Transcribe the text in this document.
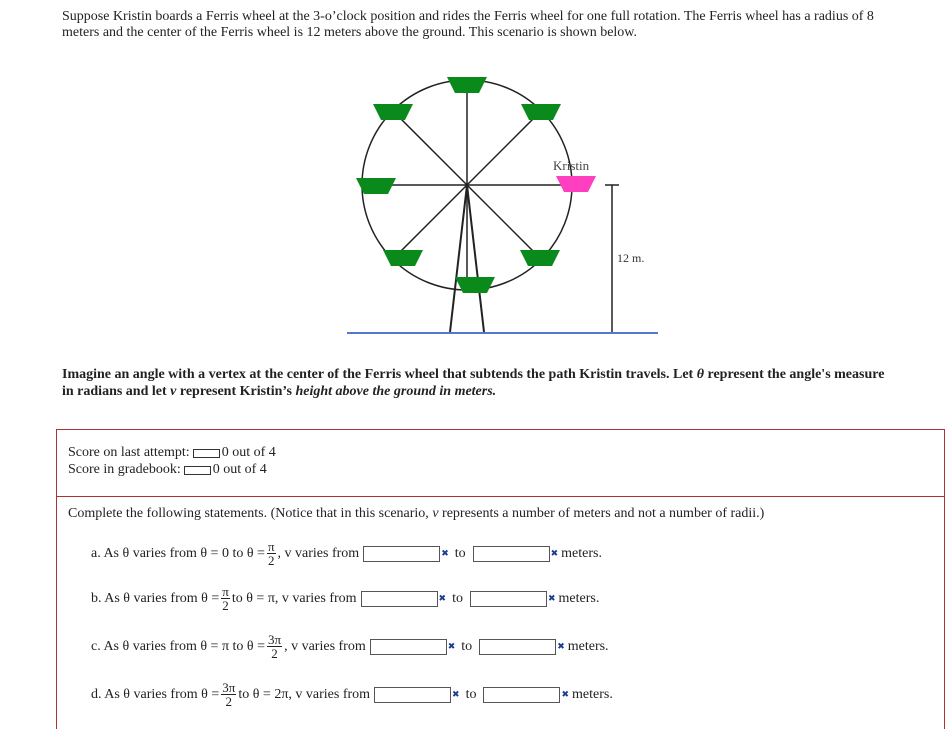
Suppose Kristin boards a Ferris wheel at the 3-o’clock position and rides the Ferris wheel for one full rotation. The Ferris wheel has a radius of 8
meters and the center of the Ferris wheel is 12 meters above the ground. This scenario is shown below.
Kristin
12 m.
Imagine an angle with a vertex at the center of the Ferris wheel that subtends the path Kristin travels. Let θ represent the angle's measure
in radians and let v represent Kristin’s height above the ground in meters.
Score on last attempt: 0 out of 4
Score in gradebook: 0 out of 4
Complete the following statements. (Notice that in this scenario, v represents a number of meters and not a number of radii.)
a. As θ varies from θ = 0 to $\theta = \frac{\pi}{2}$ , v varies from	✖ to	✖ meters.
b. As θ varies from $\theta = \frac{\pi}{2}$ to θ = π, v varies from	✖ to	✖ meters.
c. As θ varies from θ = π to $\theta = \frac{3\pi}{2}$ , v varies from	✖ to	✖ meters.
d. As θ varies from $\theta = \frac{3\pi}{2}$ to θ = 2π, v varies from	✖ to	✖ meters.
